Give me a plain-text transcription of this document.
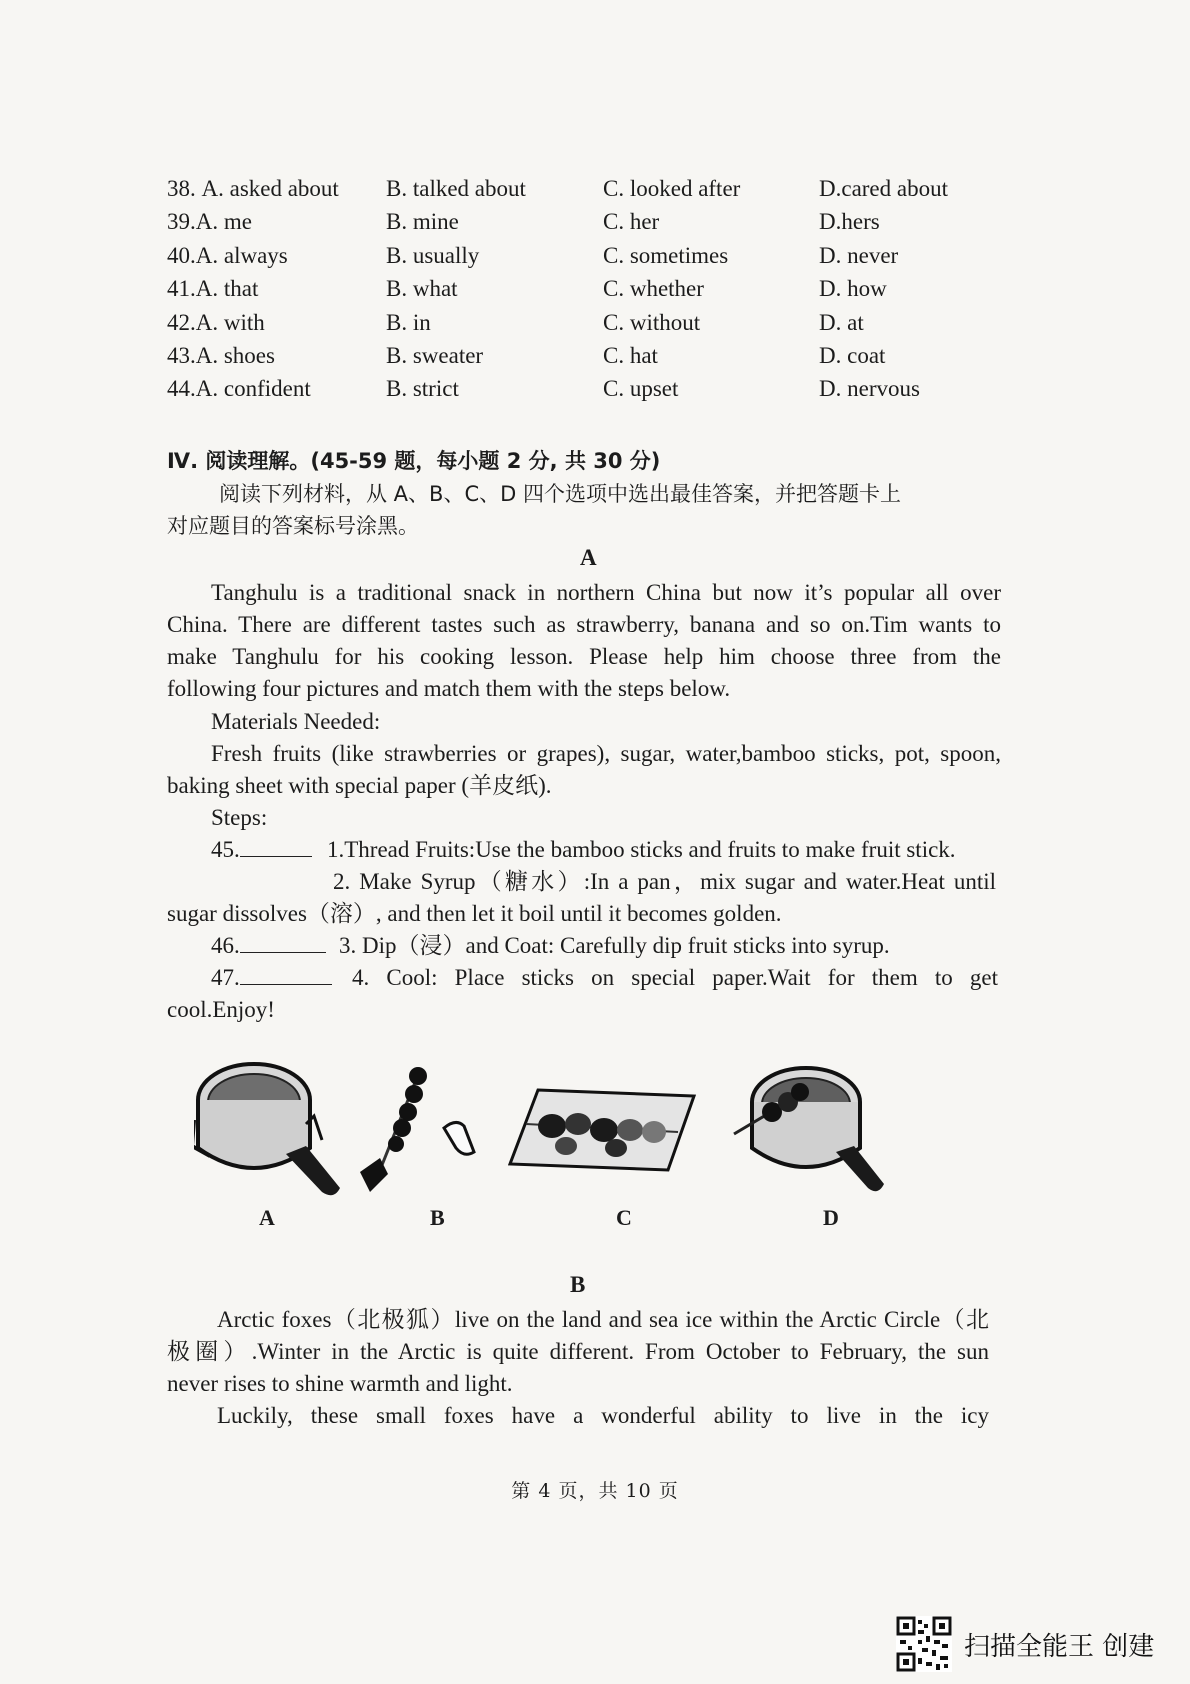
38. A. asked about B. talked about	C. looked after	D.cared about
39.A. me	B. mine	C. her	D.hers
40.A. always	B. usually	C. sometimes	D. never
41.A. that	B. what	C. whether	D. how
42.A. with	B. in	C. without	D. at
43.A. shoes	B. sweater	C. hat	D. coat
44.A. confident	B. strict	C. upset	D. nervous
Ⅳ. 阅读理解。(45-59 题，每小题 2 分, 共 30 分)
阅读下列材料，从 A、B、C、D 四个选项中选出最佳答案，并把答题卡上
对应题目的答案标号涂黑。
A
Tanghulu is a traditional snack in northern China but now it’s popular all over
China. There are different tastes such as strawberry, banana and so on.Tim wants to
make Tanghulu for his cooking lesson. Please help him choose three from the
following four pictures and match them with the steps below.
Materials Needed:
Fresh fruits (like strawberries or grapes), sugar, water,bamboo sticks, pot, spoon,
baking sheet with special paper (羊皮纸).
Steps:
45.	1.Thread Fruits:Use the bamboo sticks and fruits to make fruit stick.
2. Make Syrup（糖水）:In a pan，mix sugar and water.Heat until
sugar dissolves（溶）, and then let it boil until it becomes golden.
46.	3. Dip（浸）and Coat: Carefully dip fruit sticks into syrup.
47.	4. Cool: Place sticks on special paper.Wait for them to get
cool.Enjoy!
A	B	C	D
B
Arctic foxes（北极狐）live on the land and sea ice within the Arctic Circle（北
极圈）.Winter in the Arctic is quite different. From October to February, the sun
never rises to shine warmth and light.
Luckily, these small foxes have a wonderful ability to live in the icy
第 4 页，共 10 页
扫描全能王 创建
